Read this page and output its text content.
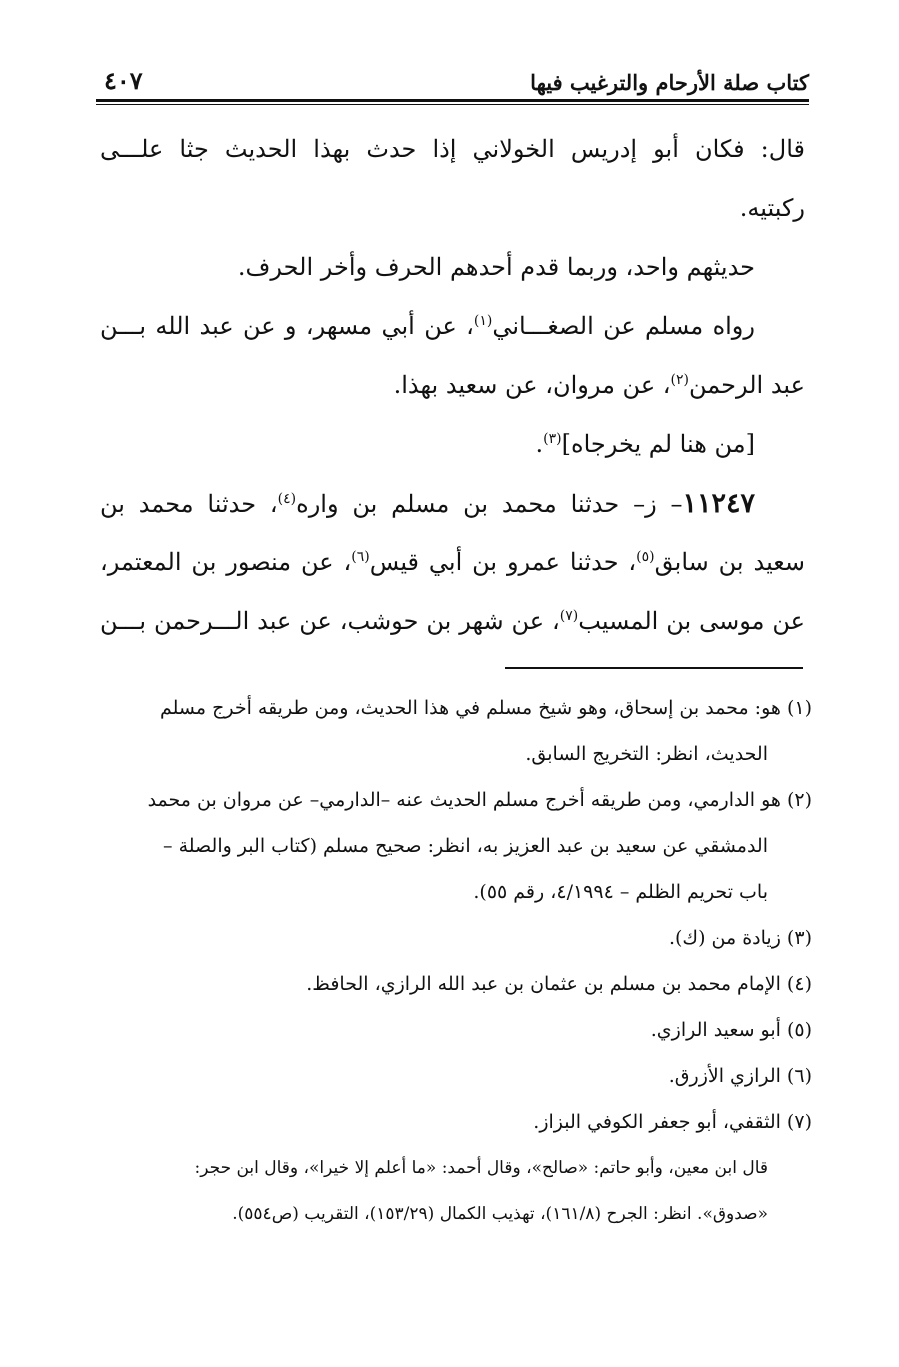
كتاب صلة الأرحام والترغيب فيها
٤٠٧
قال: فكان أبو إدريس الخولاني إذا حدث بهذا الحديث جثا علـــى
ركبتيه.
حديثهم واحد، وربما قدم أحدهم الحرف وأخر الحرف.
رواه مسلم عن الصغـــاني$^{(١)}$، عن أبي مسهر، و عن عبد الله بـــن
عبد الرحمن$^{(٢)}$، عن مروان، عن سعيد بهذا.
[من هنا لم يخرجاه]$^{(٣)}$.
١١٢٤٧– ز– حدثنا محمد بن مسلم بن واره$^{(٤)}$، حدثنا محمد بن
سعيد بن سابق$^{(٥)}$، حدثنا عمرو بن أبي قيس$^{(٦)}$، عن منصور بن المعتمر،
عن موسى بن المسيب$^{(٧)}$، عن شهر بن حوشب، عن عبد الـــرحمن بـــن
(١) هو: محمد بن إسحاق، وهو شيخ مسلم في هذا الحديث، ومن طريقه أخرج مسلم
الحديث، انظر: التخريج السابق.
(٢) هو الدارمي، ومن طريقه أخرج مسلم الحديث عنه –الدارمي– عن مروان بن محمد
الدمشقي عن سعيد بن عبد العزيز به، انظر: صحيح مسلم (كتاب البر والصلة –
باب تحريم الظلم – ٤/١٩٩٤، رقم ٥٥).
(٣) زيادة من (ك).
(٤) الإمام محمد بن مسلم بن عثمان بن عبد الله الرازي، الحافظ.
(٥) أبو سعيد الرازي.
(٦) الرازي الأزرق.
(٧) الثقفي، أبو جعفر الكوفي البزاز.
قال ابن معين، وأبو حاتم: «صالح»، وقال أحمد: «ما أعلم إلا خيرا»، وقال ابن حجر:
«صدوق». انظر: الجرح (١٦١/٨)، تهذيب الكمال (١٥٣/٢٩)، التقريب (ص٥٥٤).
